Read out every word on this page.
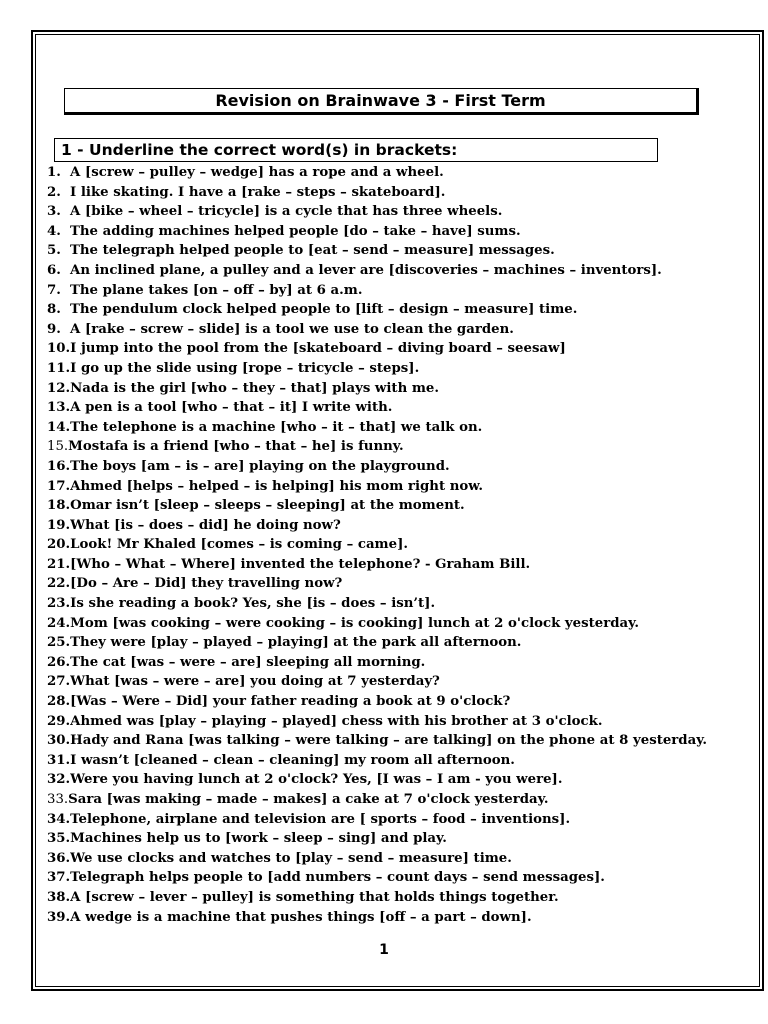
Revision on Brainwave 3 - First Term
1 - Underline the correct word(s) in brackets:
1. A [screw – pulley – wedge] has a rope and a wheel.
2. I like skating. I have a [rake – steps – skateboard].
3. A [bike – wheel – tricycle] is a cycle that has three wheels.
4. The adding machines helped people [do – take – have] sums.
5. The telegraph helped people to [eat – send – measure] messages.
6. An inclined plane, a pulley and a lever are [discoveries – machines – inventors].
7. The plane takes [on – off – by] at 6 a.m.
8. The pendulum clock helped people to [lift – design – measure] time.
9. A [rake – screw – slide] is a tool we use to clean the garden.
10. I jump into the pool from the [skateboard – diving board – seesaw]
11. I go up the slide using [rope – tricycle – steps].
12. Nada is the girl [who – they – that] plays with me.
13. A pen is a tool [who – that – it] I write with.
14. The telephone is a machine [who – it – that] we talk on.
15. Mostafa is a friend [who – that – he] is funny.
16. The boys [am – is – are] playing on the playground.
17. Ahmed [helps – helped – is helping] his mom right now.
18. Omar isn’t [sleep – sleeps – sleeping] at the moment.
19. What [is – does – did] he doing now?
20. Look! Mr Khaled [comes – is coming – came].
21. [Who – What – Where] invented the telephone? - Graham Bill.
22. [Do – Are – Did] they travelling now?
23. Is she reading a book? Yes, she [is – does – isn’t].
24. Mom [was cooking – were cooking – is cooking] lunch at 2 o'clock yesterday.
25. They were [play – played – playing] at the park all afternoon.
26. The cat [was – were – are] sleeping all morning.
27. What [was – were – are] you doing at 7 yesterday?
28. [Was – Were – Did] your father reading a book at 9 o'clock?
29. Ahmed was [play – playing – played] chess with his brother at 3 o'clock.
30. Hady and Rana [was talking – were talking – are talking] on the phone at 8 yesterday.
31. I wasn’t [cleaned – clean – cleaning] my room all afternoon.
32. Were you having lunch at 2 o'clock? Yes, [I was – I am - you were].
33. Sara [was making – made – makes] a cake at 7 o'clock yesterday.
34. Telephone, airplane and television are [ sports – food – inventions].
35. Machines help us to [work – sleep – sing] and play.
36. We use clocks and watches to [play – send – measure] time.
37. Telegraph helps people to [add numbers – count days – send messages].
38. A [screw – lever – pulley] is something that holds things together.
39. A wedge is a machine that pushes things [off – a part – down].
1
